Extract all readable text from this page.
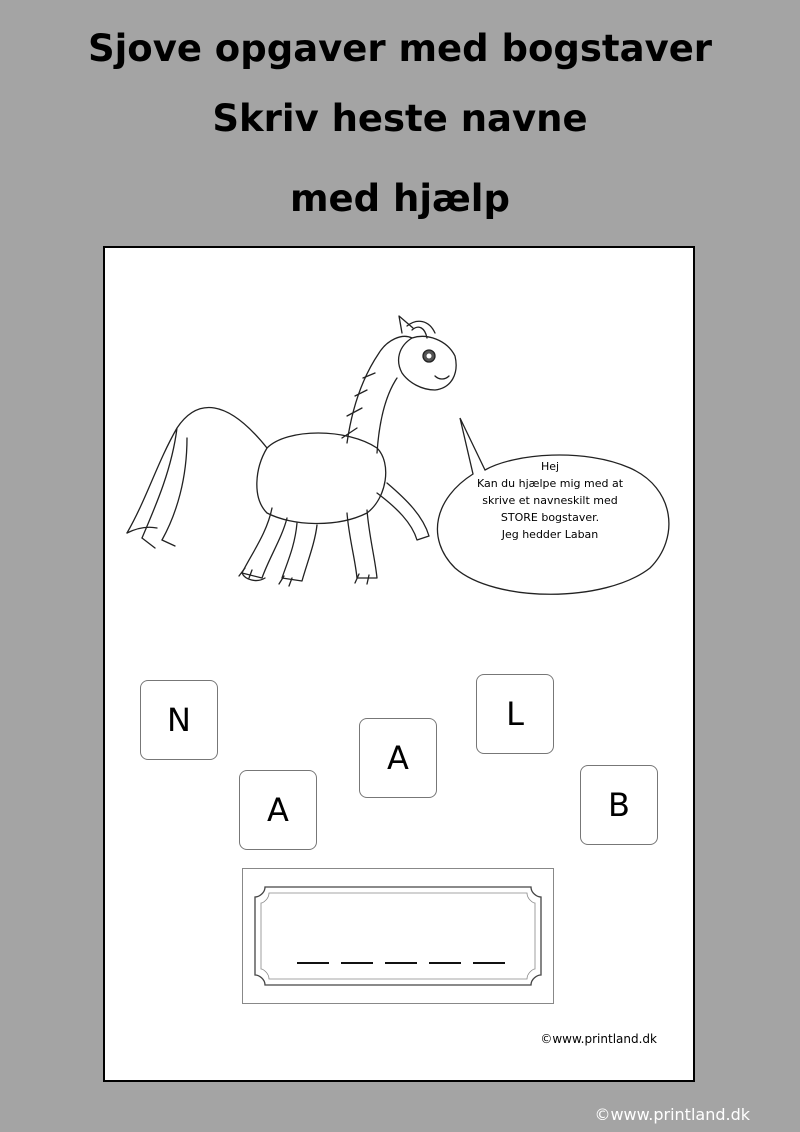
Sjove opgaver med bogstaver
Skriv heste navne
med hjælp
Hej
Kan du hjælpe mig med at
skrive et navneskilt med
STORE bogstaver.
Jeg hedder Laban
N
A
A
L
B
©www.printland.dk
©www.printland.dk
